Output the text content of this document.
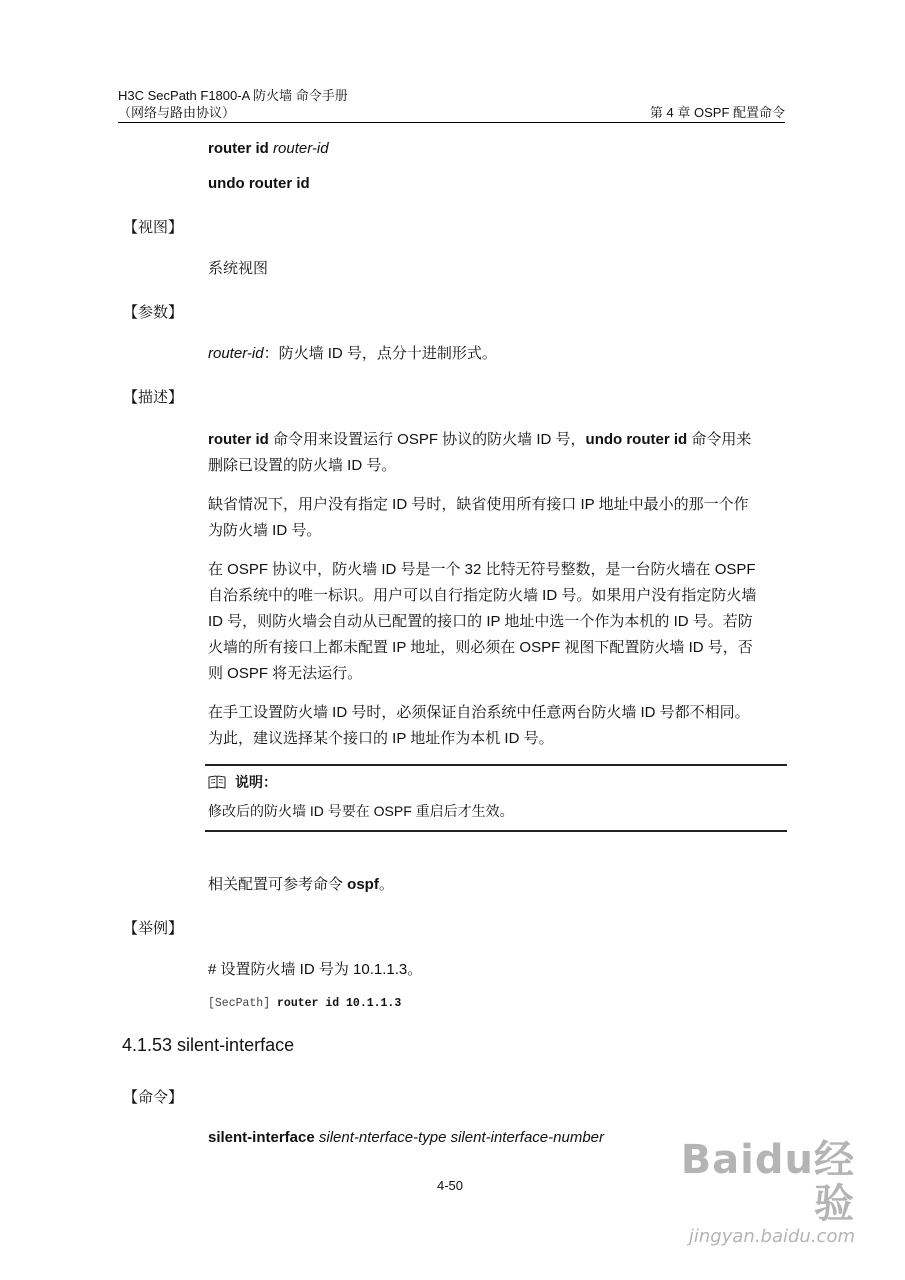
H3C SecPath F1800-A 防火墙 命令手册
（网络与路由协议）	第 4 章 OSPF 配置命令
router id router-id
undo router id
【视图】
系统视图
【参数】
router-id：防火墙 ID 号，点分十进制形式。
【描述】
router id 命令用来设置运行 OSPF 协议的防火墙 ID 号，undo router id 命令用来
删除已设置的防火墙 ID 号。
缺省情况下，用户没有指定 ID 号时，缺省使用所有接口 IP 地址中最小的那一个作
为防火墙 ID 号。
在 OSPF 协议中，防火墙 ID 号是一个 32 比特无符号整数，是一台防火墙在 OSPF
自治系统中的唯一标识。用户可以自行指定防火墙 ID 号。如果用户没有指定防火墙
ID 号，则防火墙会自动从已配置的接口的 IP 地址中选一个作为本机的 ID 号。若防
火墙的所有接口上都未配置 IP 地址，则必须在 OSPF 视图下配置防火墙 ID 号，否
则 OSPF 将无法运行。
在手工设置防火墙 ID 号时，必须保证自治系统中任意两台防火墙 ID 号都不相同。
为此，建议选择某个接口的 IP 地址作为本机 ID 号。
说明：
修改后的防火墙 ID 号要在 OSPF 重启后才生效。
相关配置可参考命令 ospf。
【举例】
# 设置防火墙 ID 号为 10.1.1.3。
[SecPath] router id 10.1.1.3
4.1.53 silent-interface
【命令】
silent-interface silent-nterface-type silent-interface-number
4-50
Baidu经验
jingyan.baidu.com
